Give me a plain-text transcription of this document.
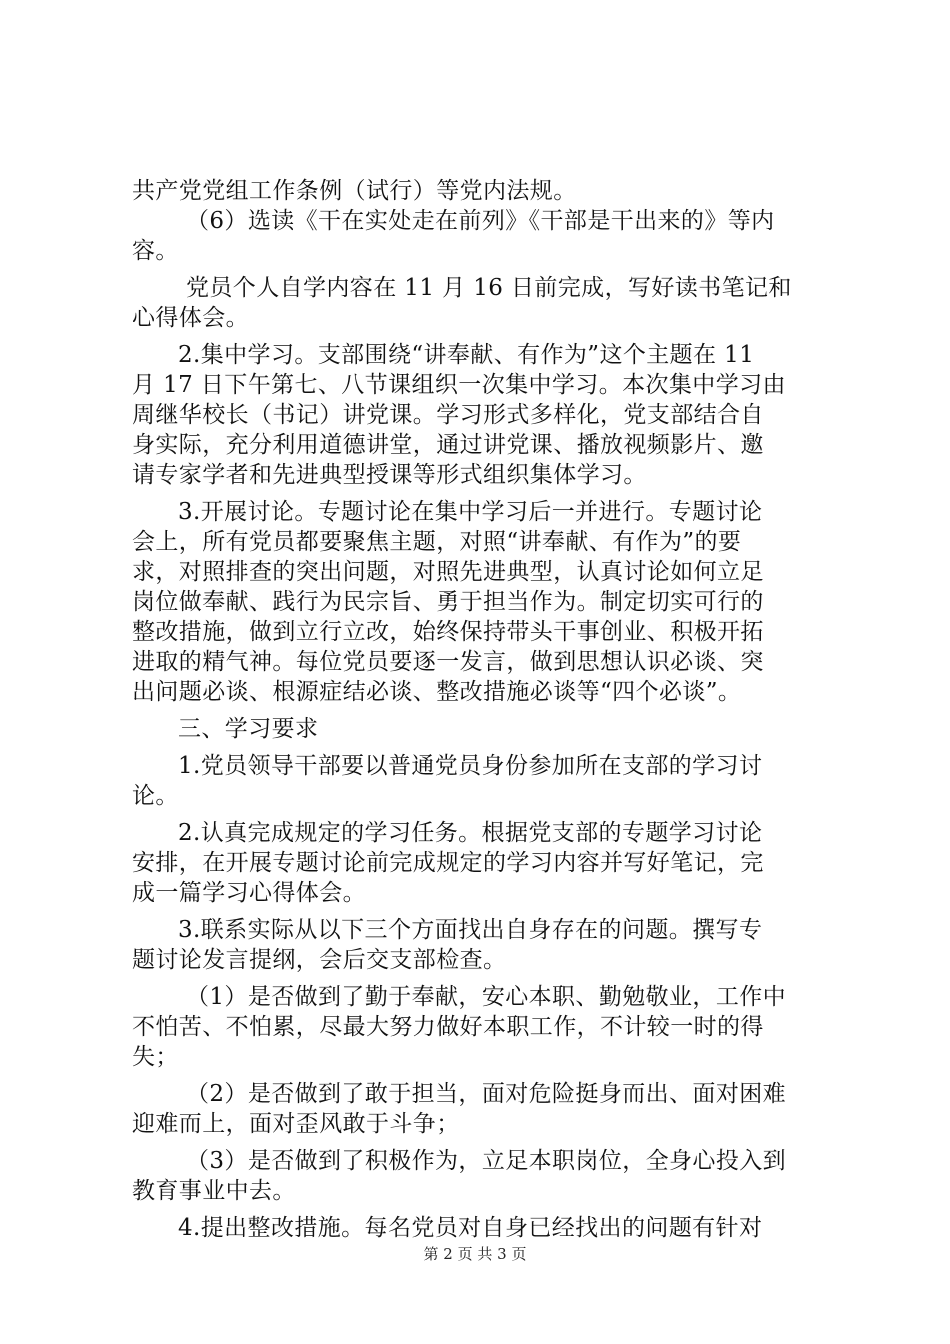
共产党党组工作条例（试行）等党内法规。
（6）选读《干在实处走在前列》《干部是干出来的》等内
容。
党员个人自学内容在 11 月 16 日前完成，写好读书笔记和
心得体会。
2.集中学习。支部围绕“讲奉献、有作为”这个主题在 11
月 17 日下午第七、八节课组织一次集中学习。本次集中学习由
周继华校长（书记）讲党课。学习形式多样化，党支部结合自
身实际，充分利用道德讲堂，通过讲党课、播放视频影片、邀
请专家学者和先进典型授课等形式组织集体学习。
3.开展讨论。专题讨论在集中学习后一并进行。专题讨论
会上，所有党员都要聚焦主题，对照“讲奉献、有作为”的要
求，对照排查的突出问题，对照先进典型，认真讨论如何立足
岗位做奉献、践行为民宗旨、勇于担当作为。制定切实可行的
整改措施，做到立行立改，始终保持带头干事创业、积极开拓
进取的精气神。每位党员要逐一发言，做到思想认识必谈、突
出问题必谈、根源症结必谈、整改措施必谈等“四个必谈”。
三、学习要求
1.党员领导干部要以普通党员身份参加所在支部的学习讨
论。
2.认真完成规定的学习任务。根据党支部的专题学习讨论
安排，在开展专题讨论前完成规定的学习内容并写好笔记，完
成一篇学习心得体会。
3.联系实际从以下三个方面找出自身存在的问题。撰写专
题讨论发言提纲，会后交支部检查。
（1）是否做到了勤于奉献，安心本职、勤勉敬业，工作中
不怕苦、不怕累，尽最大努力做好本职工作，不计较一时的得
失；
（2）是否做到了敢于担当，面对危险挺身而出、面对困难
迎难而上，面对歪风敢于斗争；
（3）是否做到了积极作为，立足本职岗位，全身心投入到
教育事业中去。
4.提出整改措施。每名党员对自身已经找出的问题有针对
第 2 页 共 3 页
